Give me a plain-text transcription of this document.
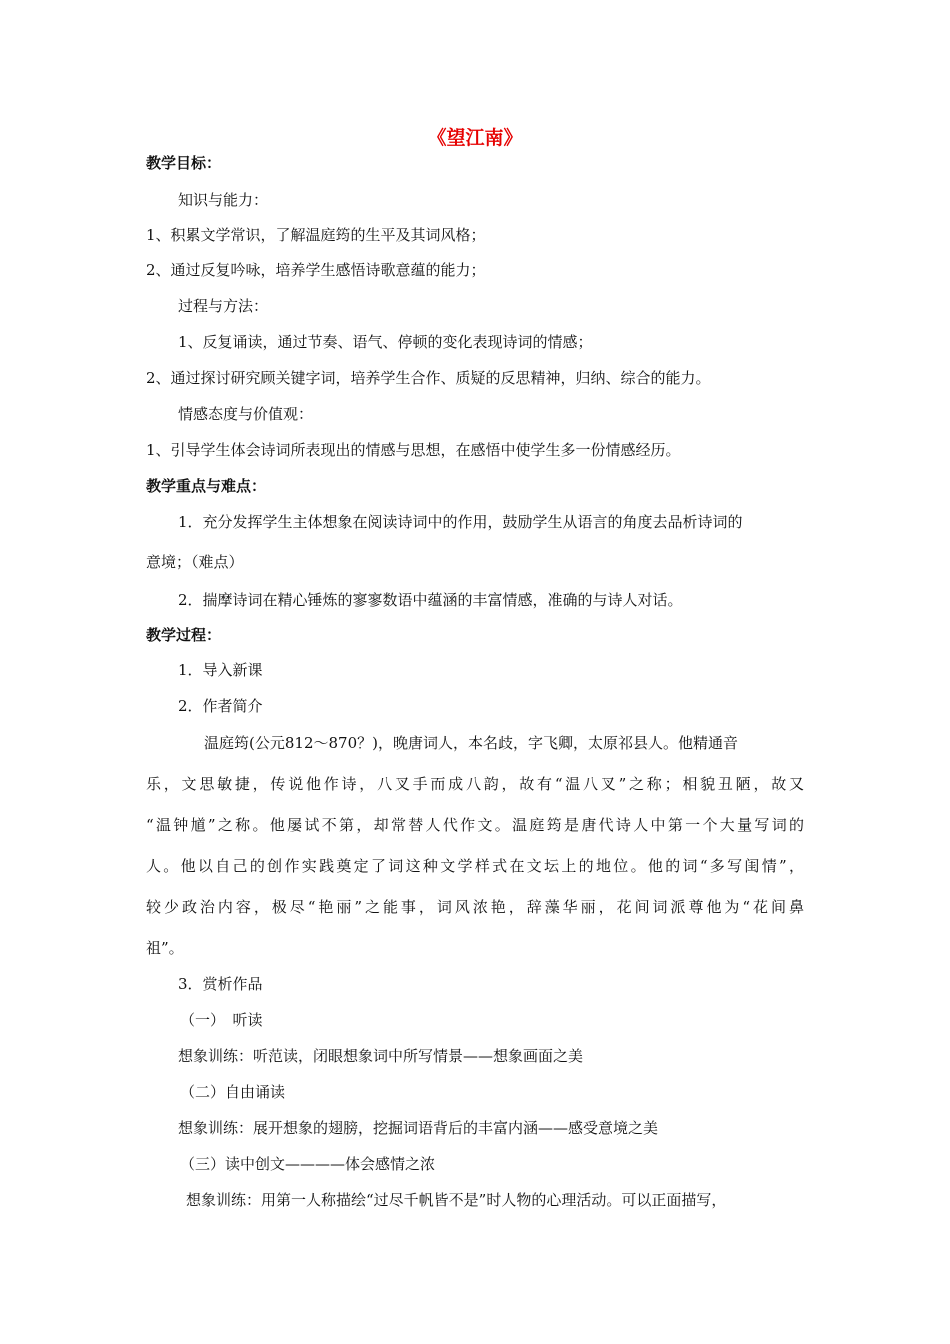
《望江南》
教学目标：
知识与能力：
1、积累文学常识，了解温庭筠的生平及其词风格；
2、通过反复吟咏，培养学生感悟诗歌意蕴的能力；
过程与方法：
1、反复诵读，通过节奏、语气、停顿的变化表现诗词的情感；
2、通过探讨研究顾关键字词，培养学生合作、质疑的反思精神，归纳、综合的能力。
情感态度与价值观：
1、引导学生体会诗词所表现出的情感与思想，在感悟中使学生多一份情感经历。
教学重点与难点：
1．充分发挥学生主体想象在阅读诗词中的作用，鼓励学生从语言的角度去品析诗词的
意境；（难点）
2．揣摩诗词在精心锤炼的寥寥数语中蕴涵的丰富情感，准确的与诗人对话。
教学过程：
1．导入新课
2．作者简介
温庭筠(公元812～870？)，晚唐词人，本名歧，字飞卿，太原祁县人。他精通音
乐，文思敏捷，传说他作诗，八叉手而成八韵，故有“温八叉”之称；相貌丑陋，故又
“温钟馗”之称。他屡试不第，却常替人代作文。温庭筠是唐代诗人中第一个大量写词的
人。他以自己的创作实践奠定了词这种文学样式在文坛上的地位。他的词“多写闺情”，
较少政治内容，极尽“艳丽”之能事，词风浓艳，辞藻华丽，花间词派尊他为“花间鼻
祖”。
3．赏析作品
（一）　听读
想象训练：听范读，闭眼想象词中所写情景——想象画面之美
（二）自由诵读
想象训练：展开想象的翅膀，挖掘词语背后的丰富内涵——感受意境之美
（三）读中创文————体会感情之浓
想象训练：用第一人称描绘“过尽千帆皆不是”时人物的心理活动。可以正面描写，
